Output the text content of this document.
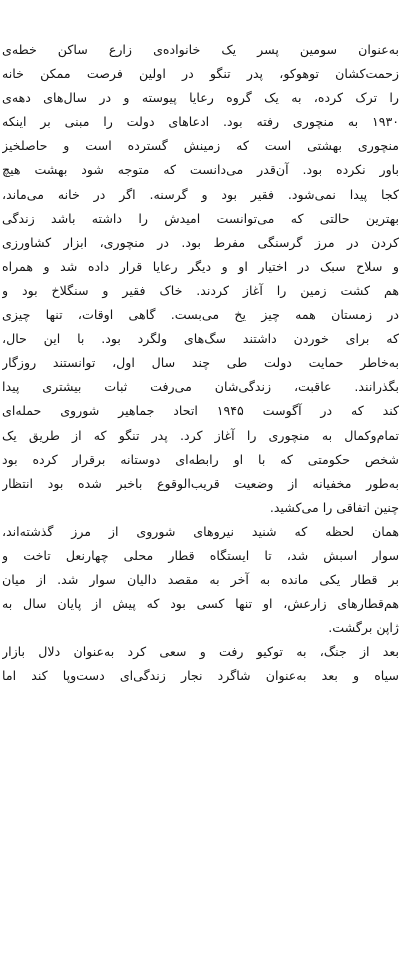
به‌عنوان سومین پسر یک خانواده‌ی زارع ساکن خطه‌ی
زحمت‌کشان توهوکو، پدر تنگو در اولین فرصت ممکن خانه
را ترک کرده، به یک گروه رعایا پیوسته و در سال‌های دهه‌ی
۱۹۳۰ به منچوری رفته بود. ادعاهای دولت را مبنی بر اینکه
منچوری بهشتی است که زمینش گسترده است و حاصلخیز
باور نکرده بود. آن‌قدر می‌دانست که متوجه شود بهشت هیچ
کجا پیدا نمی‌شود. فقیر بود و گرسنه. اگر در خانه می‌ماند،
بهترین حالتی که می‌توانست امیدش را داشته باشد زندگی
کردن در مرز گرسنگی مفرط بود. در منچوری، ابزار کشاورزی
و سلاح سبک در اختیار او و دیگر رعایا قرار داده شد و همراه
هم کشت زمین را آغاز کردند. خاک فقیر و سنگلاخ بود و
در زمستان همه چیز یخ می‌بست. گاهی اوقات، تنها چیزی
که برای خوردن داشتند سگ‌های ولگرد بود. با این حال،
به‌خاطر حمایت دولت طی چند سال اول، توانستند روزگار
بگذرانند. عاقبت، زندگی‌شان می‌رفت ثبات بیشتری پیدا
کند که در آگوست ۱۹۴۵ اتحاد جماهیر شوروی حمله‌ای
تمام‌وکمال به منچوری را آغاز کرد. پدر تنگو که از طریق یک
شخص حکومتی که با او رابطه‌ای دوستانه برقرار کرده بود
به‌طور مخفیانه از وضعیت قریب‌الوقوع باخبر شده بود انتظار
چنین اتفاقی را می‌کشید.
همان لحظه که شنید نیروهای شوروی از مرز گذشته‌اند،
سوار اسبش شد، تا ایستگاه قطار محلی چهارنعل تاخت و
بر قطار یکی مانده به آخر به مقصد دالیان سوار شد. از میان
هم‌قطارهای زارعش، او تنها کسی بود که پیش از پایان سال به
ژاپن برگشت.
بعد از جنگ، به توکیو رفت و سعی کرد به‌عنوان دلال بازار
سیاه و بعد به‌عنوان شاگرد نجار زندگی‌ای دست‌وپا کند اما
